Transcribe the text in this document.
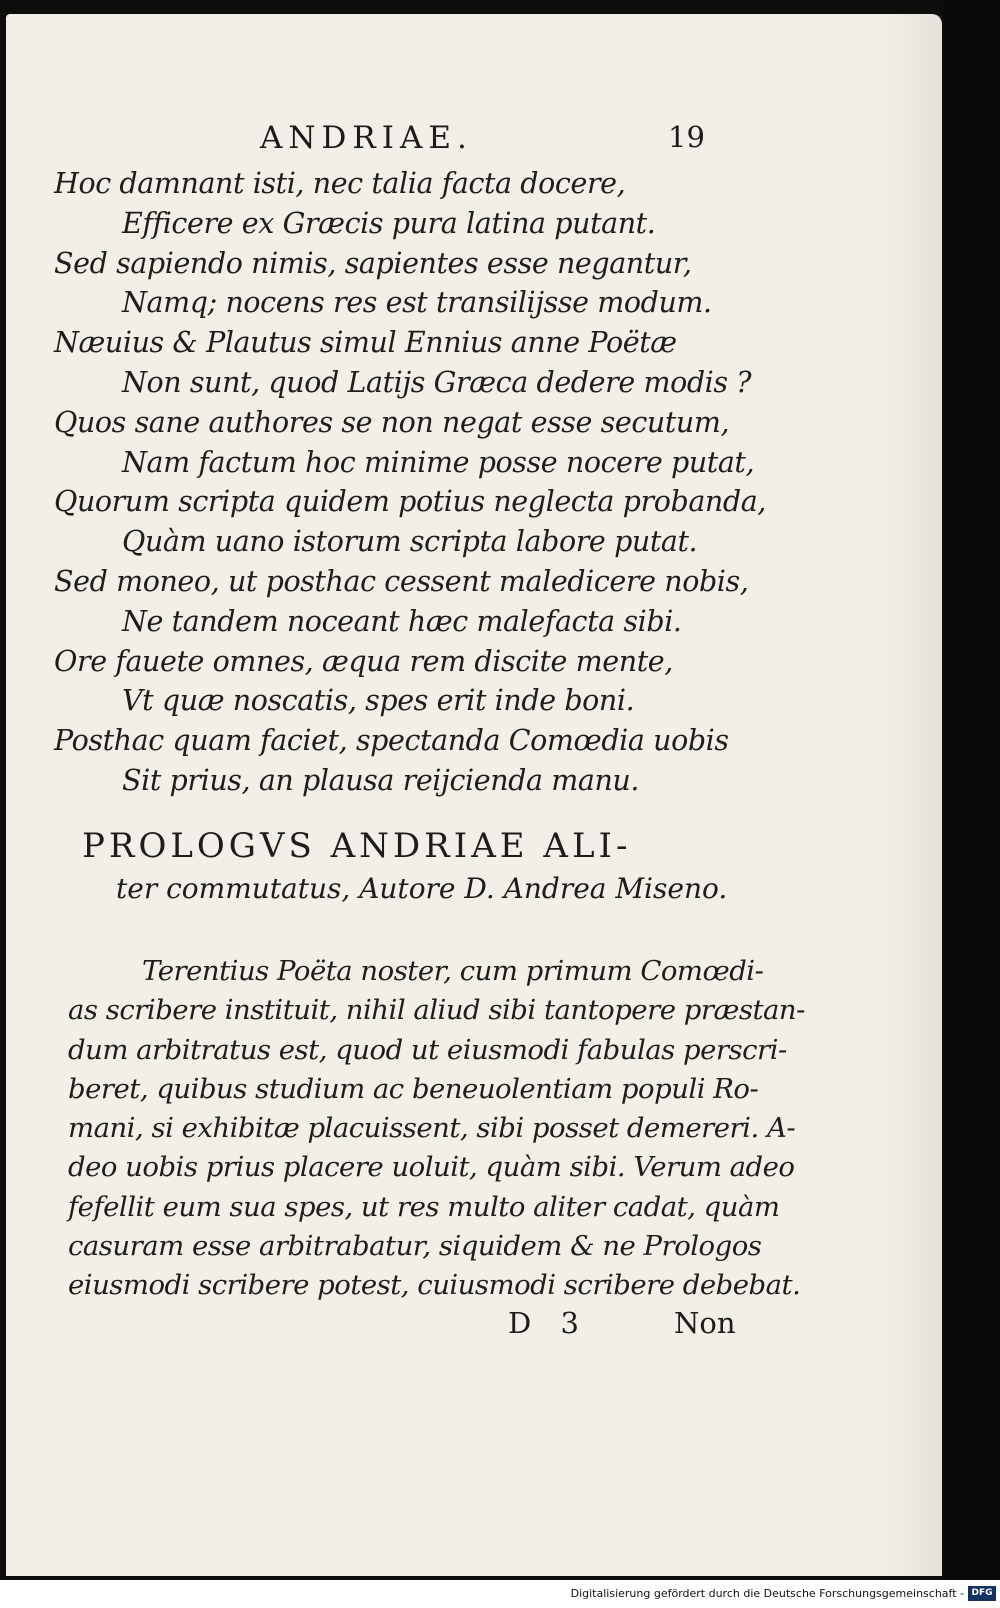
ANDRIAE.	19
Hoc damnant isti, nec talia facta docere,
Efficere ex Græcis pura latina putant.
Sed sapiendo nimis, sapientes esse negantur,
Namq; nocens res est transilijsse modum.
Næuius & Plautus simul Ennius anne Poëtæ
Non sunt, quod Latijs Græca dedere modis ?
Quos sane authores se non negat esse secutum,
Nam factum hoc minime posse nocere putat,
Quorum scripta quidem potius neglecta probanda,
Quàm uano istorum scripta labore putat.
Sed moneo, ut posthac cessent maledicere nobis,
Ne tandem noceant hæc malefacta sibi.
Ore fauete omnes, æqua rem discite mente,
Vt quæ noscatis, spes erit inde boni.
Posthac quam faciet, spectanda Comœdia uobis
Sit prius, an plausa reijcienda manu.
PROLOGVS ANDRIAE ALI-
ter commutatus, Autore D. Andrea Miseno.
Terentius Poëta noster, cum primum Comœdi-
as scribere instituit, nihil aliud sibi tantopere præstan-
dum arbitratus est, quod ut eiusmodi fabulas perscri-
beret, quibus studium ac beneuolentiam populi Ro-
mani, si exhibitæ placuissent, sibi posset demereri. A-
deo uobis prius placere uoluit, quàm sibi. Verum adeo
fefellit eum sua spes, ut res multo aliter cadat, quàm
casuram esse arbitrabatur, siquidem & ne Prologos
eiusmodi scribere potest, cuiusmodi scribere debebat.
D 3	Non
Digitalisierung gefördert durch die Deutsche Forschungsgemeinschaft - DFG
